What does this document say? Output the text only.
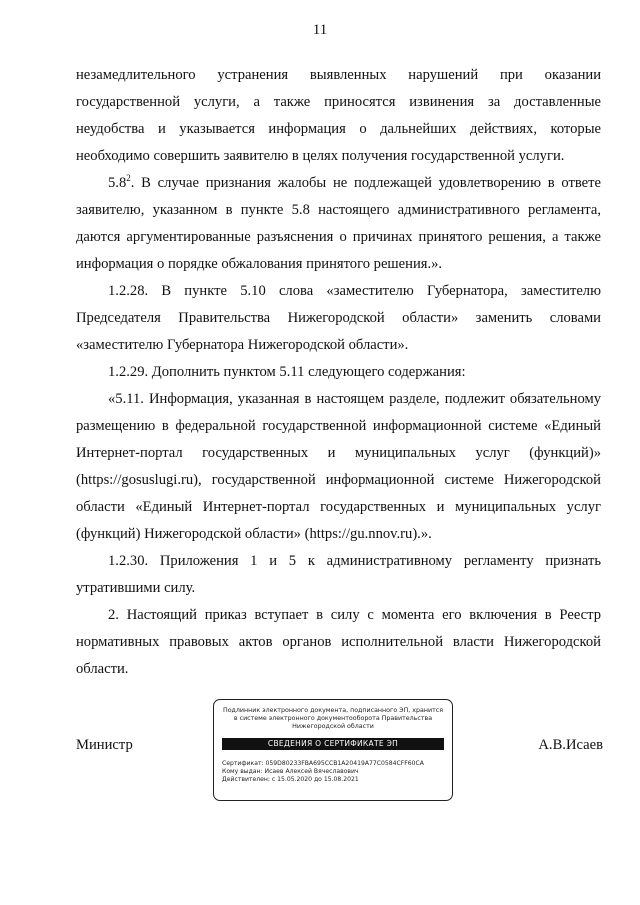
11

незамедлительного устранения выявленных нарушений при оказании государственной услуги, а также приносятся извинения за доставленные неудобства и указывается информация о дальнейших действиях, которые необходимо совершить заявителю в целях получения государственной услуги.

$5.8^2$. В случае признания жалобы не подлежащей удовлетворению в ответе заявителю, указанном в пункте 5.8 настоящего административного регламента, даются аргументированные разъяснения о причинах принятого решения, а также информация о порядке обжалования принятого решения.».

1.2.28. В пункте 5.10 слова «заместителю Губернатора, заместителю Председателя Правительства Нижегородской области» заменить словами «заместителю Губернатора Нижегородской области».

1.2.29. Дополнить пунктом 5.11 следующего содержания:

«5.11. Информация, указанная в настоящем разделе, подлежит обязательному размещению в федеральной государственной информационной системе «Единый Интернет-портал государственных и муниципальных услуг (функций)» (https://gosuslugi.ru), государственной информационной системе Нижегородской области «Единый Интернет-портал государственных и муниципальных услуг (функций) Нижегородской области» (https://gu.nnov.ru).».

1.2.30. Приложения 1 и 5 к административному регламенту признать утратившими силу.

2. Настоящий приказ вступает в силу с момента его включения в Реестр нормативных правовых актов органов исполнительной власти Нижегородской области.

Министр
Подлинник электронного документа, подписанного ЭП, хранится в системе электронного документооборота Правительства Нижегородской области
СВЕДЕНИЯ О СЕРТИФИКАТЕ ЭП
Сертификат: 059D80233FBA695CCB1A20419A77C0584CFF60CA
Кому выдан: Исаев Алексей Вячеславович
Действителен: с 15.05.2020 до 15.08.2021
А.В.Исаев
